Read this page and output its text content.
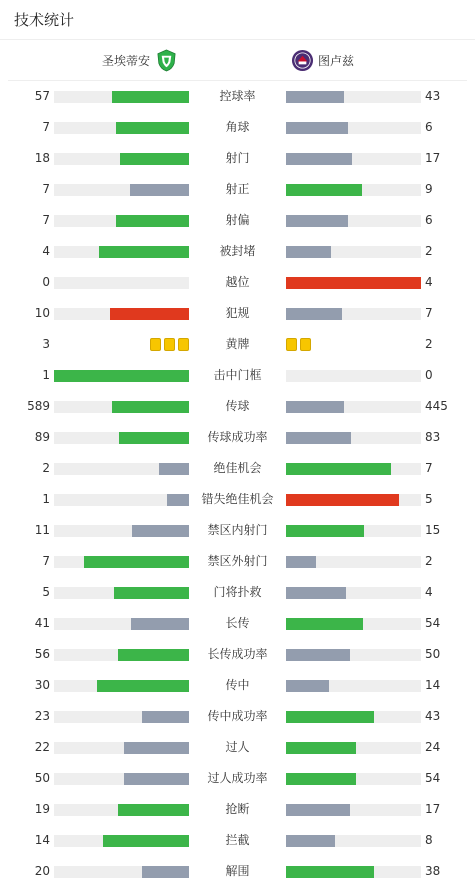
技术统计
圣埃蒂安	图卢兹
57	控球率	43
7	角球	6
18	射门	17
7	射正	9
7	射偏	6
4	被封堵	2
0	越位	4
10	犯规	7
3	黄牌	2
1	击中门框	0
589	传球	445
89	传球成功率	83
2	绝佳机会	7
1	错失绝佳机会	5
11	禁区内射门	15
7	禁区外射门	2
5	门将扑救	4
41	长传	54
56	长传成功率	50
30	传中	14
23	传中成功率	43
22	过人	24
50	过人成功率	54
19	抢断	17
14	拦截	8
20	解围	38
